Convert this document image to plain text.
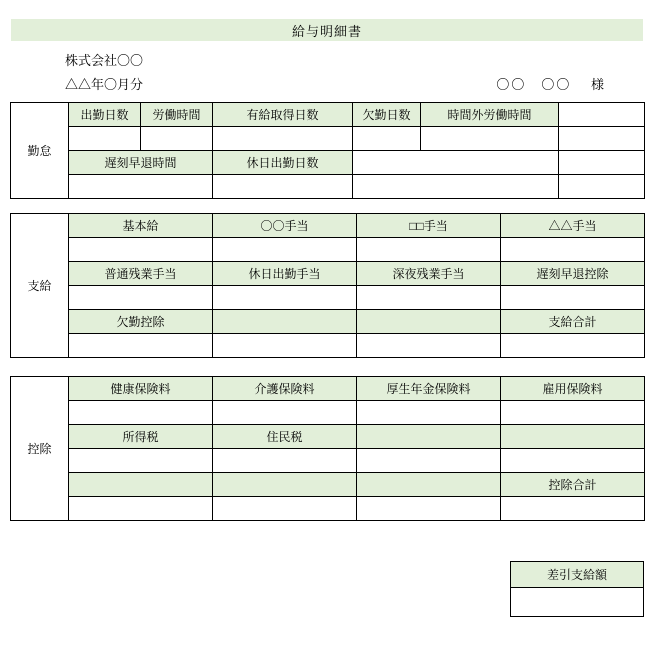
給与明細書
株式会社〇〇
△△年〇月分	〇〇　〇〇 様
勤怠	出勤日数	労働時間	有給取得日数	欠勤日数	時間外労働時間	

	遅刻早退時間		休日出勤日数			

支給	基本給	〇〇手当	□□手当	△△手当

	普通残業手当	休日出勤手当	深夜残業手当	遅刻早退控除

	欠勤控除			支給合計

控除	健康保険料	介護保険料	厚生年金保険料	雇用保険料

	所得税	住民税		

				控除合計

差引支給額
